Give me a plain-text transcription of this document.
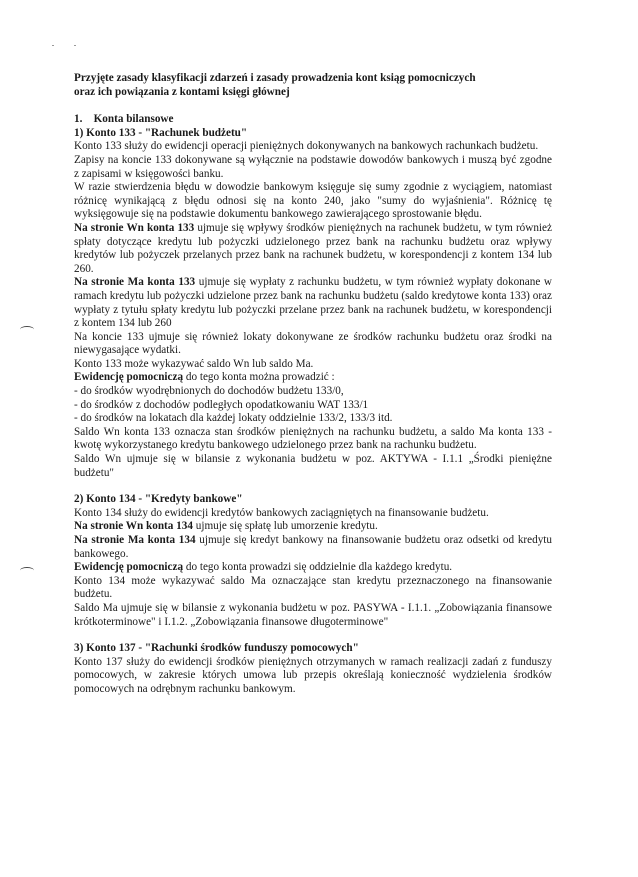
Przyjęte zasady klasyfikacji zdarzeń i zasady prowadzenia kont ksiąg pomocniczych
oraz ich powiązania z kontami księgi głównej

1. Konta bilansowe

1) Konto 133 - "Rachunek budżetu"

Konto 133 służy do ewidencji operacji pieniężnych dokonywanych na bankowych rachunkach budżetu.

Zapisy na koncie 133 dokonywane są wyłącznie na podstawie dowodów bankowych i muszą być zgodne z zapisami w księgowości banku.

W razie stwierdzenia błędu w dowodzie bankowym księguje się sumy zgodnie z wyciągiem, natomiast różnicę wynikającą z błędu odnosi się na konto 240, jako "sumy do wyjaśnienia". Różnicę tę wyksięgowuje się na podstawie dokumentu bankowego zawierającego sprostowanie błędu.

Na stronie Wn konta 133 ujmuje się wpływy środków pieniężnych na rachunek budżetu, w tym również spłaty dotyczące kredytu lub pożyczki udzielonego przez bank na rachunku budżetu oraz wpływy kredytów lub pożyczek przelanych przez bank na rachunek budżetu, w korespondencji z kontem 134 lub 260.

Na stronie Ma konta 133 ujmuje się wypłaty z rachunku budżetu, w tym również wypłaty dokonane w ramach kredytu lub pożyczki udzielone przez bank na rachunku budżetu (saldo kredytowe konta 133) oraz wypłaty z tytułu spłaty kredytu lub pożyczki przelane przez bank na rachunek budżetu, w korespondencji z kontem 134 lub 260

Na koncie 133 ujmuje się również lokaty dokonywane ze środków rachunku budżetu oraz środki na niewygasające wydatki.

Konto 133 może wykazywać saldo Wn lub saldo Ma.

Ewidencję pomocniczą do tego konta można prowadzić :

- do środków wyodrębnionych do dochodów budżetu 133/0,

- do środków z dochodów podległych opodatkowaniu WAT 133/1

- do środków na lokatach dla każdej lokaty oddzielnie 133/2, 133/3 itd.

Saldo Wn konta 133 oznacza stan środków pieniężnych na rachunku budżetu, a saldo Ma konta 133 - kwotę wykorzystanego kredytu bankowego udzielonego przez bank na rachunku budżetu.

Saldo Wn ujmuje się w bilansie z wykonania budżetu w poz. AKTYWA - I.1.1 „Środki pieniężne budżetu"

2) Konto 134 - "Kredyty bankowe"

Konto 134 służy do ewidencji kredytów bankowych zaciągniętych na finansowanie budżetu.

Na stronie Wn konta 134 ujmuje się spłatę lub umorzenie kredytu.

Na stronie Ma konta 134 ujmuje się kredyt bankowy na finansowanie budżetu oraz odsetki od kredytu bankowego.

Ewidencję pomocniczą do tego konta prowadzi się oddzielnie dla każdego kredytu.

Konto 134 może wykazywać saldo Ma oznaczające stan kredytu przeznaczonego na finansowanie budżetu.

Saldo Ma ujmuje się w bilansie z wykonania budżetu w poz. PASYWA - I.1.1. „Zobowiązania finansowe krótkoterminowe" i I.1.2. „Zobowiązania finansowe długoterminowe"

3) Konto 137 - "Rachunki środków funduszy pomocowych"

Konto 137 służy do ewidencji środków pieniężnych otrzymanych w ramach realizacji zadań z funduszy pomocowych, w zakresie których umowa lub przepis określają konieczność wydzielenia środków pomocowych na odrębnym rachunku bankowym.
